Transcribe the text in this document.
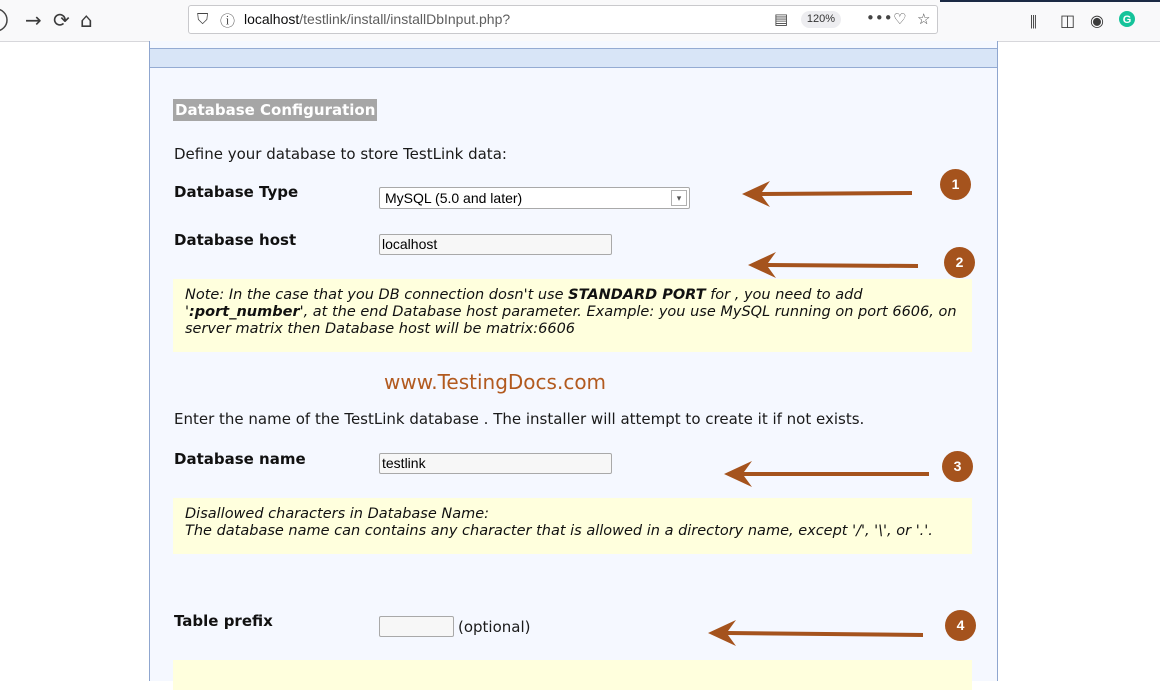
→ ⟳ ⌂	⛉ ⓘ localhost/testlink/install/installDbInput.php?	▤	120%	••• ♡ ☆	⫼ ◫ ◉ G
Database Configuration
Define your database to store TestLink data:
Database Type	MySQL (5.0 and later)	▾
Database host	localhost
Note: In the case that you DB connection dosn't use STANDARD PORT for , you need to add ':port_number', at the end Database host parameter. Example: you use MySQL running on port 6606, on server matrix then Database host will be matrix:6606
www.TestingDocs.com
Enter the name of the TestLink database . The installer will attempt to create it if not exists.
Database name	testlink
Disallowed characters in Database Name:
The database name can contains any character that is allowed in a directory name, except '/', '\', or '.'.
Table prefix	(optional)
1
2
3
4
